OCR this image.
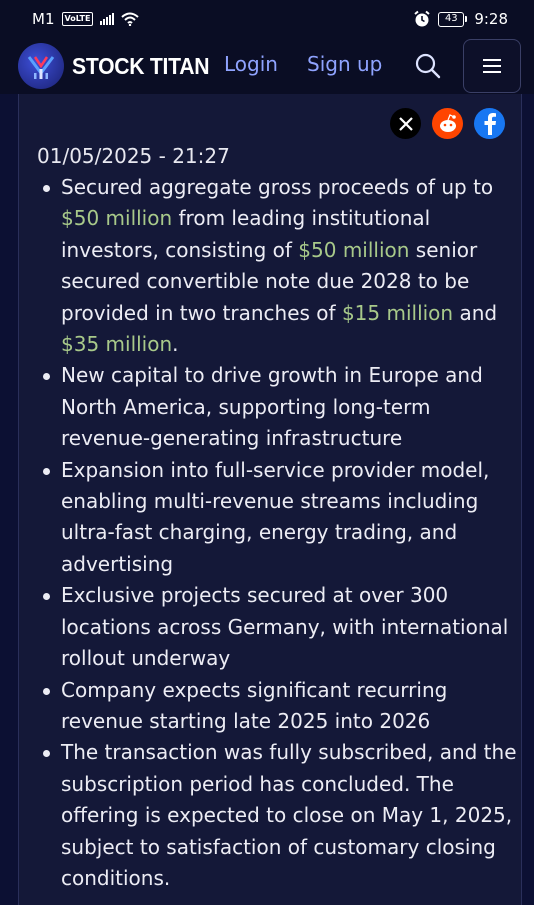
M1	VoLTE	43	9:28
STOCK TITAN Login Sign up
01/05/2025 - 21:27
Secured aggregate gross proceeds of up to $50 million from leading institutional investors, consisting of $50 million senior secured convertible note due 2028 to be provided in two tranches of $15 million and $35 million.
New capital to drive growth in Europe and North America, supporting long-term revenue-generating infrastructure
Expansion into full-service provider model, enabling multi-revenue streams including ultra-fast charging, energy trading, and advertising
Exclusive projects secured at over 300 locations across Germany, with international rollout underway
Company expects significant recurring revenue starting late 2025 into 2026
The transaction was fully subscribed, and the subscription period has concluded. The offering is expected to close on May 1, 2025, subject to satisfaction of customary closing conditions.
